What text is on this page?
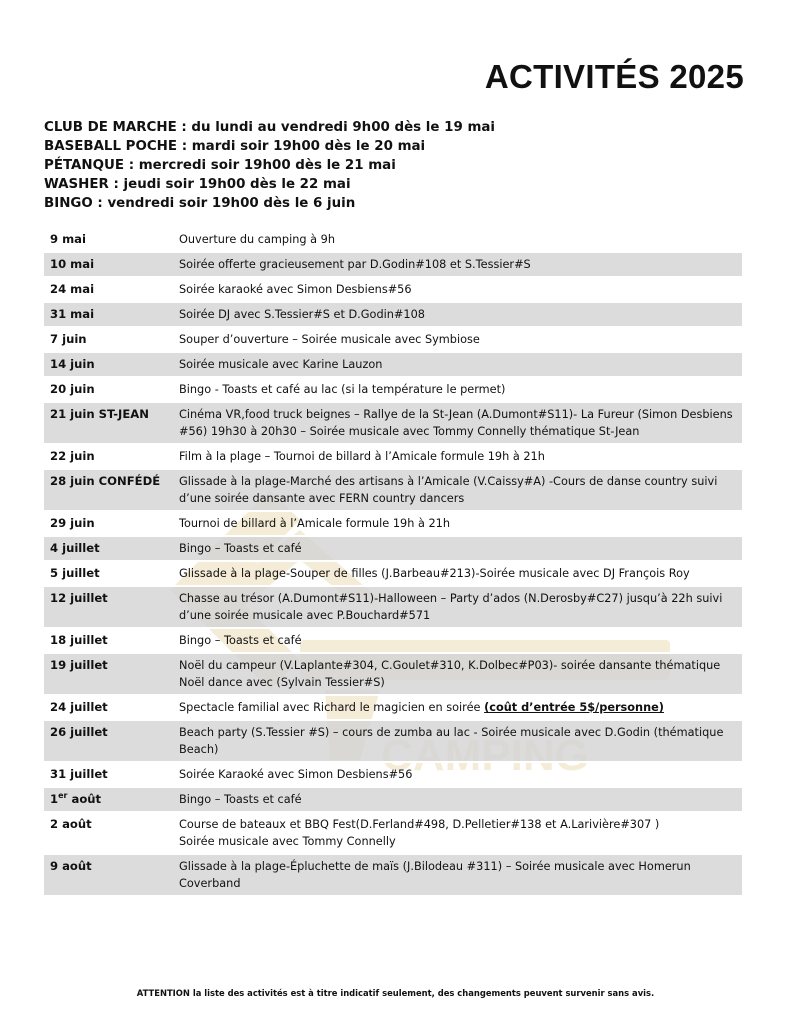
CAMPING
ACTIVITÉS 2025
CLUB DE MARCHE : du lundi au vendredi 9h00 dès le 19 mai
BASEBALL POCHE : mardi soir 19h00 dès le 20 mai
PÉTANQUE : mercredi soir 19h00 dès le 21 mai
WASHER : jeudi soir 19h00 dès le 22 mai
BINGO : vendredi soir 19h00 dès le 6 juin
9 mai	Ouverture du camping à 9h
10 mai	Soirée offerte gracieusement par D.Godin#108 et S.Tessier#S
24 mai	Soirée karaoké avec Simon Desbiens#56
31 mai	Soirée DJ avec S.Tessier#S et D.Godin#108
7 juin	Souper d’ouverture – Soirée musicale avec Symbiose
14 juin	Soirée musicale avec Karine Lauzon
20 juin	Bingo - Toasts et café au lac (si la température le permet)
21 juin ST-JEAN	Cinéma VR,food truck beignes – Rallye de la St-Jean (A.Dumont#S11)- La Fureur (Simon Desbiens #56) 19h30 à 20h30 – Soirée musicale avec Tommy Connelly thématique St-Jean
22 juin	Film à la plage – Tournoi de billard à l’Amicale formule 19h à 21h
28 juin CONFÉDÉ	Glissade à la plage-Marché des artisans à l’Amicale (V.Caissy#A) -Cours de danse country suivi d’une soirée dansante avec FERN country dancers
29 juin	Tournoi de billard à l’Amicale formule 19h à 21h
4 juillet	Bingo – Toasts et café
5 juillet	Glissade à la plage-Souper de filles (J.Barbeau#213)-Soirée musicale avec DJ François Roy
12 juillet	Chasse au trésor (A.Dumont#S11)-Halloween – Party d’ados (N.Derosby#C27) jusqu’à 22h suivi d’une soirée musicale avec P.Bouchard#571
18 juillet	Bingo – Toasts et café
19 juillet	Noël du campeur (V.Laplante#304, C.Goulet#310, K.Dolbec#P03)- soirée dansante thématique Noël dance avec (Sylvain Tessier#S)
24 juillet	Spectacle familial avec Richard le magicien en soirée (coût d’entrée 5$/personne)
26 juillet	Beach party (S.Tessier #S) – cours de zumba au lac - Soirée musicale avec D.Godin (thématique Beach)
31 juillet	Soirée Karaoké avec Simon Desbiens#56
1er août	Bingo – Toasts et café
2 août	Course de bateaux et BBQ Fest(D.Ferland#498, D.Pelletier#138 et A.Larivière#307 )
Soirée musicale avec Tommy Connelly

9 août	Glissade à la plage-Épluchette de maïs (J.Bilodeau #311) – Soirée musicale avec Homerun Coverband

ATTENTION la liste des activités est à titre indicatif seulement, des changements peuvent survenir sans avis.
